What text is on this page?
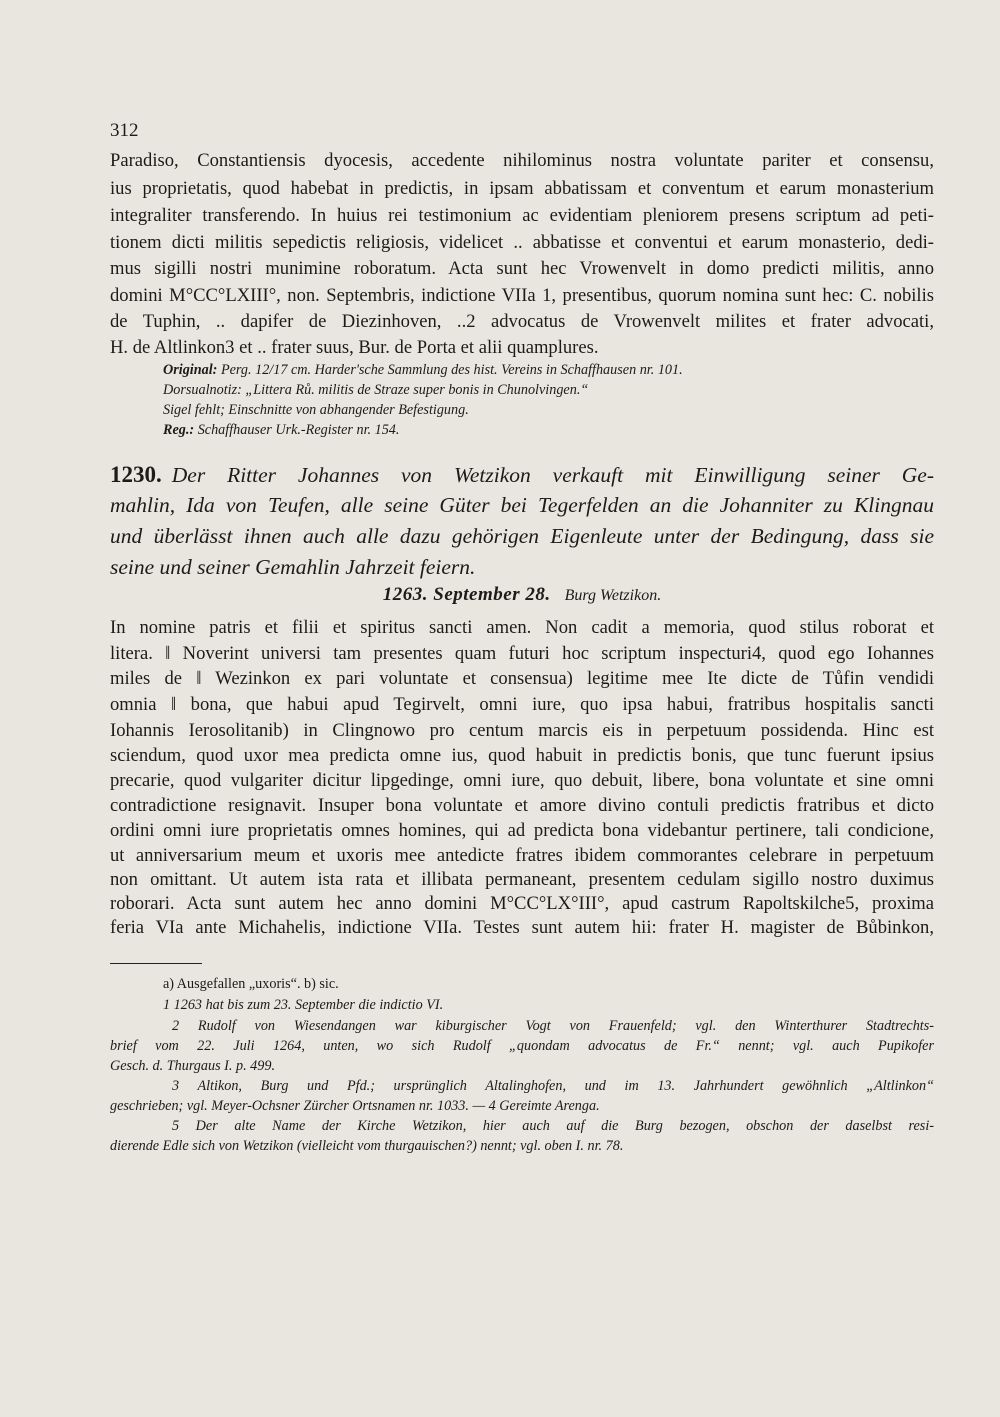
312
Paradiso, Constantiensis dyocesis, accedente nihilominus nostra voluntate pariter et consensu,
ius proprietatis, quod habebat in predictis, in ipsam abbatissam et conventum et earum monasterium
integraliter transferendo. In huius rei testimonium ac evidentiam pleniorem presens scriptum ad peti-
tionem dicti militis sepedictis religiosis, videlicet .. abbatisse et conventui et earum monasterio, dedi-
mus sigilli nostri munimine roboratum. Acta sunt hec Vrowenvelt in domo predicti militis, anno
domini M°CC°LXIII°, non. Septembris, indictione VIIa 1, presentibus, quorum nomina sunt hec: C. nobilis
de Tuphin, .. dapifer de Diezinhoven, ..2 advocatus de Vrowenvelt milites et frater advocati,
H. de Altlinkon3 et .. frater suus, Bur. de Porta et alii quamplures.
Original: Perg. 12/17 cm. Harder'sche Sammlung des hist. Vereins in Schaffhausen nr. 101.
Dorsualnotiz: „Littera Rů. militis de Straze super bonis in Chunolvingen.“
Sigel fehlt; Einschnitte von abhangender Befestigung.
Reg.: Schaffhauser Urk.-Register nr. 154.
1230. Der Ritter Johannes von Wetzikon verkauft mit Einwilligung seiner Ge-
mahlin, Ida von Teufen, alle seine Güter bei Tegerfelden an die Johanniter zu Klingnau
und überlässt ihnen auch alle dazu gehörigen Eigenleute unter der Bedingung, dass sie
seine und seiner Gemahlin Jahrzeit feiern.
1263. September 28. Burg Wetzikon.
In nomine patris et filii et spiritus sancti amen. Non cadit a memoria, quod stilus roborat et
litera. ‖ Noverint universi tam presentes quam futuri hoc scriptum inspecturi4, quod ego Iohannes
miles de ‖ Wezinkon ex pari voluntate et consensua) legitime mee Ite dicte de Tůfin vendidi
omnia ‖ bona, que habui apud Tegirvelt, omni iure, quo ipsa habui, fratribus hospitalis sancti
Iohannis Ierosolitanib) in Clingnowo pro centum marcis eis in perpetuum possidenda. Hinc est
sciendum, quod uxor mea predicta omne ius, quod habuit in predictis bonis, que tunc fuerunt ipsius
precarie, quod vulgariter dicitur lipgedinge, omni iure, quo debuit, libere, bona voluntate et sine omni
contradictione resignavit. Insuper bona voluntate et amore divino contuli predictis fratribus et dicto
ordini omni iure proprietatis omnes homines, qui ad predicta bona videbantur pertinere, tali condicione,
ut anniversarium meum et uxoris mee antedicte fratres ibidem commorantes celebrare in perpetuum
non omittant. Ut autem ista rata et illibata permaneant, presentem cedulam sigillo nostro duximus
roborari. Acta sunt autem hec anno domini M°CC°LX°III°, apud castrum Rapoltskilche5, proxima
feria VIa ante Michahelis, indictione VIIa. Testes sunt autem hii: frater H. magister de Bůbinkon,
a) Ausgefallen „uxoris“. b) sic.
1 1263 hat bis zum 23. September die indictio VI.
2 Rudolf von Wiesendangen war kiburgischer Vogt von Frauenfeld; vgl. den Winterthurer Stadtrechts-
brief vom 22. Juli 1264, unten, wo sich Rudolf „quondam advocatus de Fr.“ nennt; vgl. auch Pupikofer
Gesch. d. Thurgaus I. p. 499.
3 Altikon, Burg und Pfd.; ursprünglich Altalinghofen, und im 13. Jahrhundert gewöhnlich „Altlinkon“
geschrieben; vgl. Meyer-Ochsner Zürcher Ortsnamen nr. 1033. — 4 Gereimte Arenga.
5 Der alte Name der Kirche Wetzikon, hier auch auf die Burg bezogen, obschon der daselbst resi-
dierende Edle sich von Wetzikon (vielleicht vom thurgauischen?) nennt; vgl. oben I. nr. 78.
